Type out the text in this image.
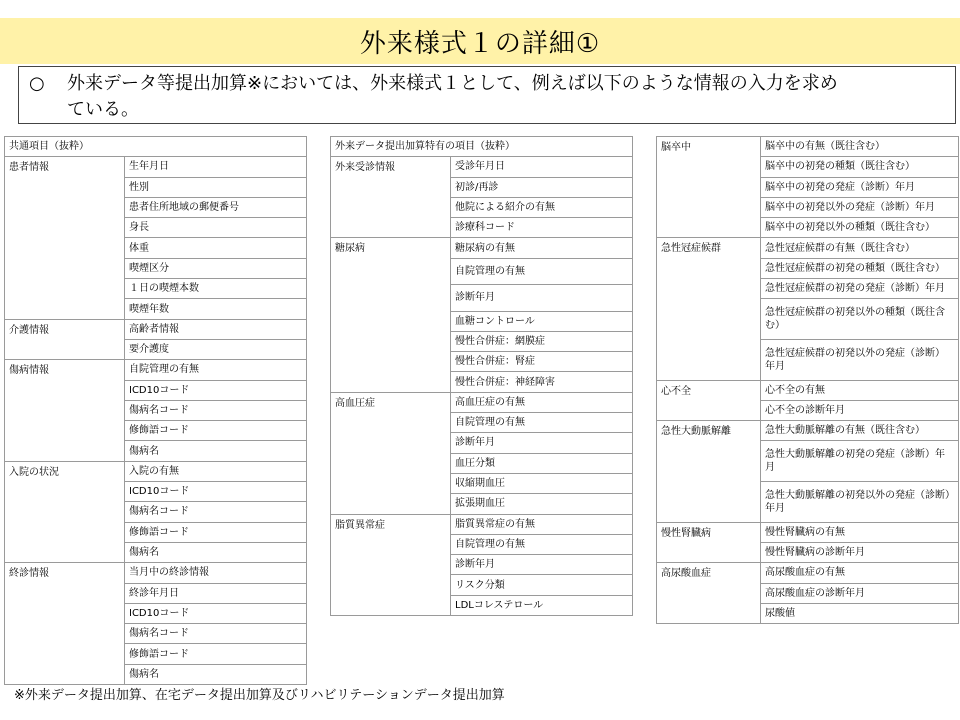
外来様式１の詳細①
○ 外来データ等提出加算※においては、外来様式１として、例えば以下のような情報の入力を求め
ている。
共通項目（抜粋）	
患者情報	生年月日
	性別
	患者住所地域の郵便番号
	身長
	体重
	喫煙区分
	１日の喫煙本数
	喫煙年数
介護情報	高齢者情報
	要介護度
傷病情報	自院管理の有無
	ICD10コード
	傷病名コード
	修飾語コード
	傷病名
入院の状況	入院の有無
	ICD10コード
	傷病名コード
	修飾語コード
	傷病名
終診情報	当月中の終診情報
	終診年月日
	ICD10コード
	傷病名コード
	修飾語コード
	傷病名
外来データ提出加算特有の項目（抜粋）	
外来受診情報	受診年月日
	初診/再診
	他院による紹介の有無
	診療科コード
糖尿病	糖尿病の有無
	自院管理の有無
	診断年月
	血糖コントロール
	慢性合併症：網膜症
	慢性合併症：腎症
	慢性合併症：神経障害
高血圧症	高血圧症の有無
	自院管理の有無
	診断年月
	血圧分類
	収縮期血圧
	拡張期血圧
脂質異常症	脂質異常症の有無
	自院管理の有無
	診断年月
	リスク分類
	LDLコレステロール
脳卒中	脳卒中の有無（既往含む）
	脳卒中の初発の種類（既往含む）
	脳卒中の初発の発症（診断）年月
	脳卒中の初発以外の発症（診断）年月
	脳卒中の初発以外の種類（既往含む）
急性冠症候群	急性冠症候群の有無（既往含む）
	急性冠症候群の初発の種類（既往含む）
	急性冠症候群の初発の発症（診断）年月
	急性冠症候群の初発以外の種類（既往含む）
	急性冠症候群の初発以外の発症（診断）年月
心不全	心不全の有無
	心不全の診断年月
急性大動脈解離	急性大動脈解離の有無（既往含む）
	急性大動脈解離の初発の発症（診断）年月
	急性大動脈解離の初発以外の発症（診断）年月
慢性腎臓病	慢性腎臓病の有無
	慢性腎臓病の診断年月
高尿酸血症	高尿酸血症の有無
	高尿酸血症の診断年月
	尿酸値
※外来データ提出加算、在宅データ提出加算及びリハビリテーションデータ提出加算
